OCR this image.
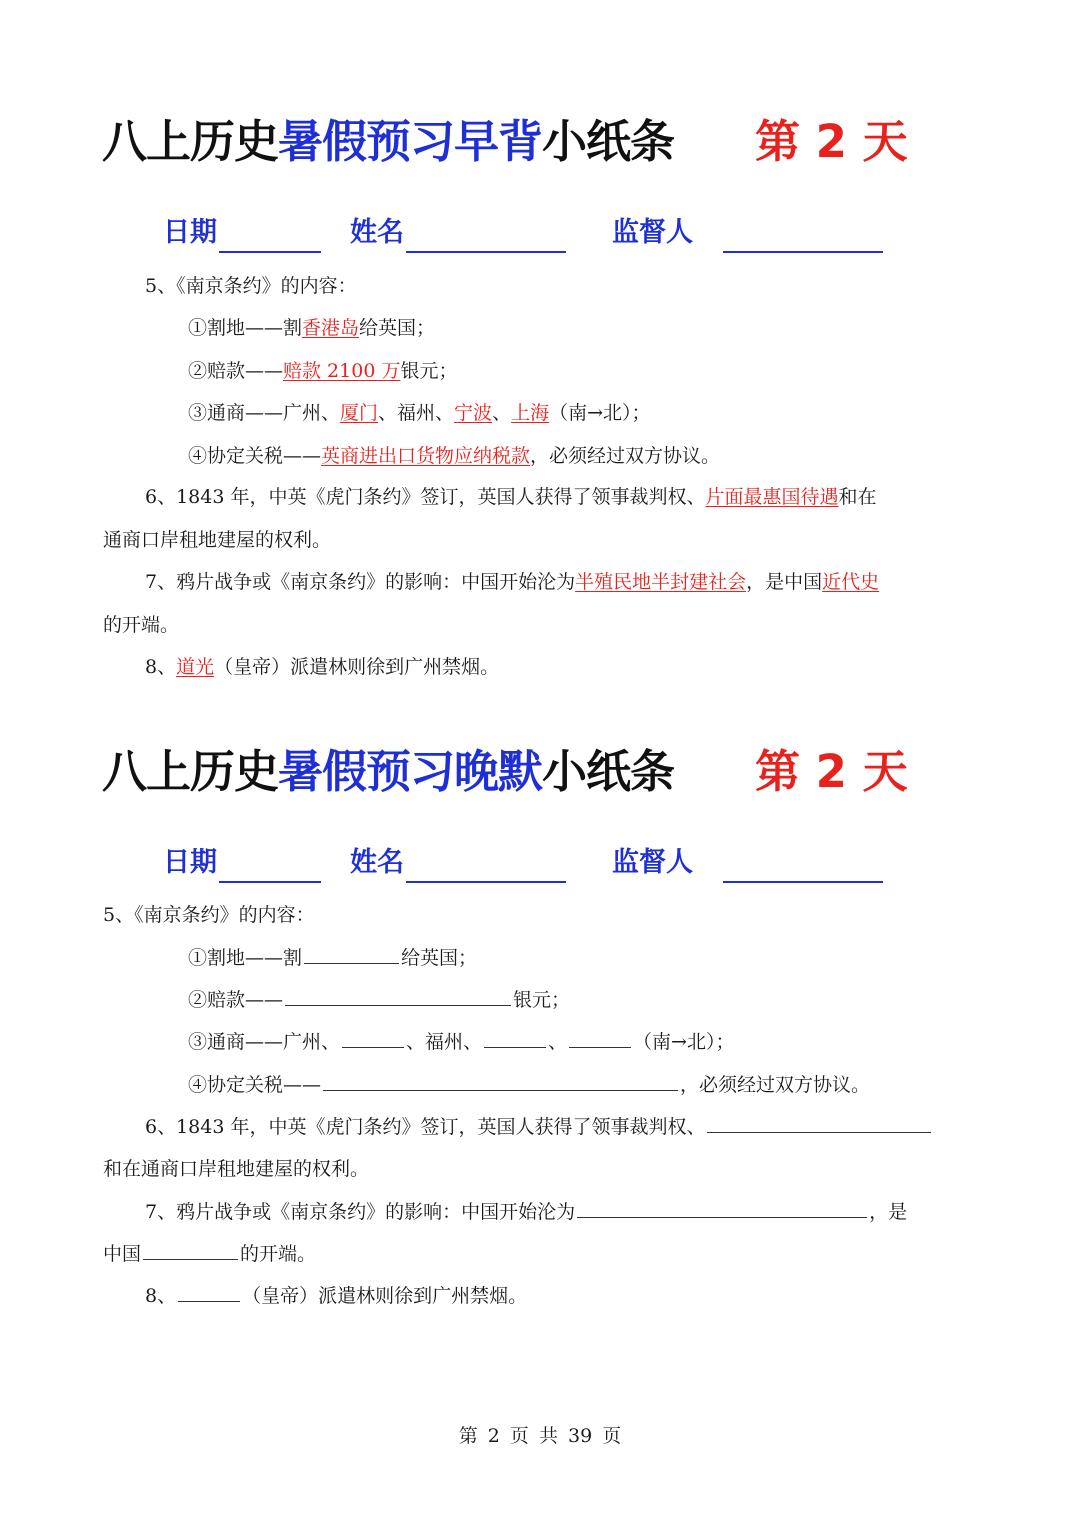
八上历史暑假预习早背小纸条 第 2 天
日期	姓名	监督人
5、《南京条约》的内容：
①割地——割香港岛给英国；
②赔款——赔款 2100 万银元；
③通商——广州、厦门、福州、宁波、上海（南→北）；
④协定关税——英商进出口货物应纳税款，必须经过双方协议。
6、1843 年，中英《虎门条约》签订，英国人获得了领事裁判权、片面最惠国待遇和在
通商口岸租地建屋的权利。
7、鸦片战争或《南京条约》的影响：中国开始沦为半殖民地半封建社会，是中国近代史
的开端。
8、道光（皇帝）派遣林则徐到广州禁烟。
八上历史暑假预习晚默小纸条 第 2 天
日期	姓名	监督人
5、《南京条约》的内容：
①割地——割	给英国；
②赔款——	银元；
③通商——广州、	、福州、	、	（南→北）；
④协定关税——	，必须经过双方协议。
6、1843 年，中英《虎门条约》签订，英国人获得了领事裁判权、
和在通商口岸租地建屋的权利。
7、鸦片战争或《南京条约》的影响：中国开始沦为	，是
中国	的开端。
8、	（皇帝）派遣林则徐到广州禁烟。
第 2 页 共 39 页
